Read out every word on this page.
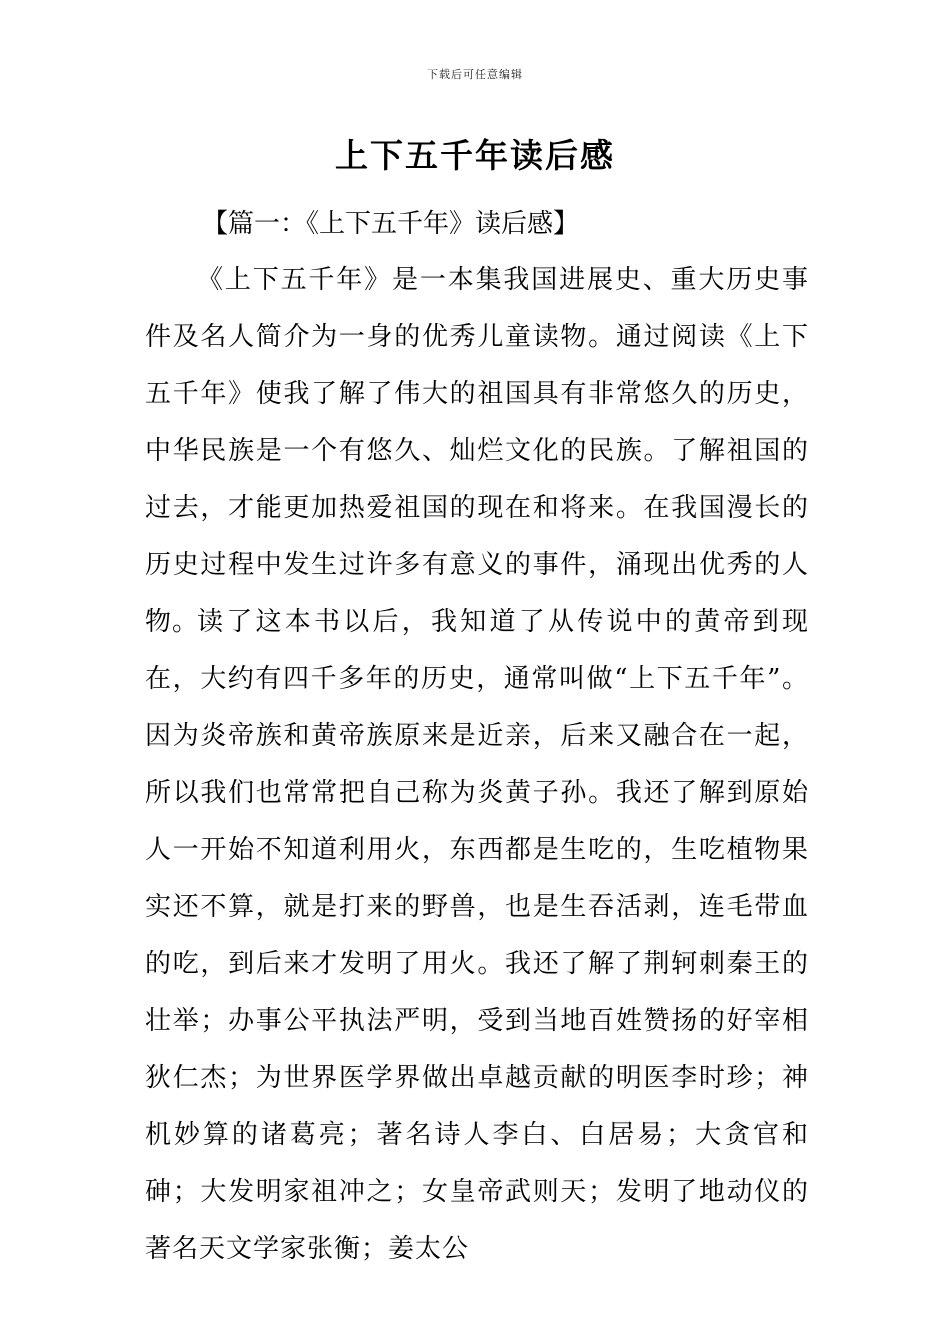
下载后可任意编辑
上下五千年读后感

【篇一：《上下五千年》读后感】

《上下五千年》是一本集我国进展史、重大历史事件及名人简介为一身的优秀儿童读物。通过阅读《上下五千年》使我了解了伟大的祖国具有非常悠久的历史，中华民族是一个有悠久、灿烂文化的民族。了解祖国的过去，才能更加热爱祖国的现在和将来。在我国漫长的历史过程中发生过许多有意义的事件，涌现出优秀的人物。

读了这本书以后，我知道了从传说中的黄帝到现在，大约有四千多年的历史，通常叫做“上下五千年”。因为炎帝族和黄帝族原来是近亲，后来又融合在一起，所以我们也常常把自己称为炎黄子孙。我还了解到原始人一开始不知道利用火，东西都是生吃的，生吃植物果实还不算，就是打来的野兽，也是生吞活剥，连毛带血的吃，到后来才发明了用火。我还了解了荆轲刺秦王的壮举；办事公平执法严明，受到当地百姓赞扬的好宰相狄仁杰；为世界医学界做出卓越贡献的明医李时珍；神机妙算的诸葛亮；著名诗人李白、白居易；大贪官和砷；大发明家祖冲之；女皇帝武则天；发明了地动仪的著名天文学家张衡；姜太公
